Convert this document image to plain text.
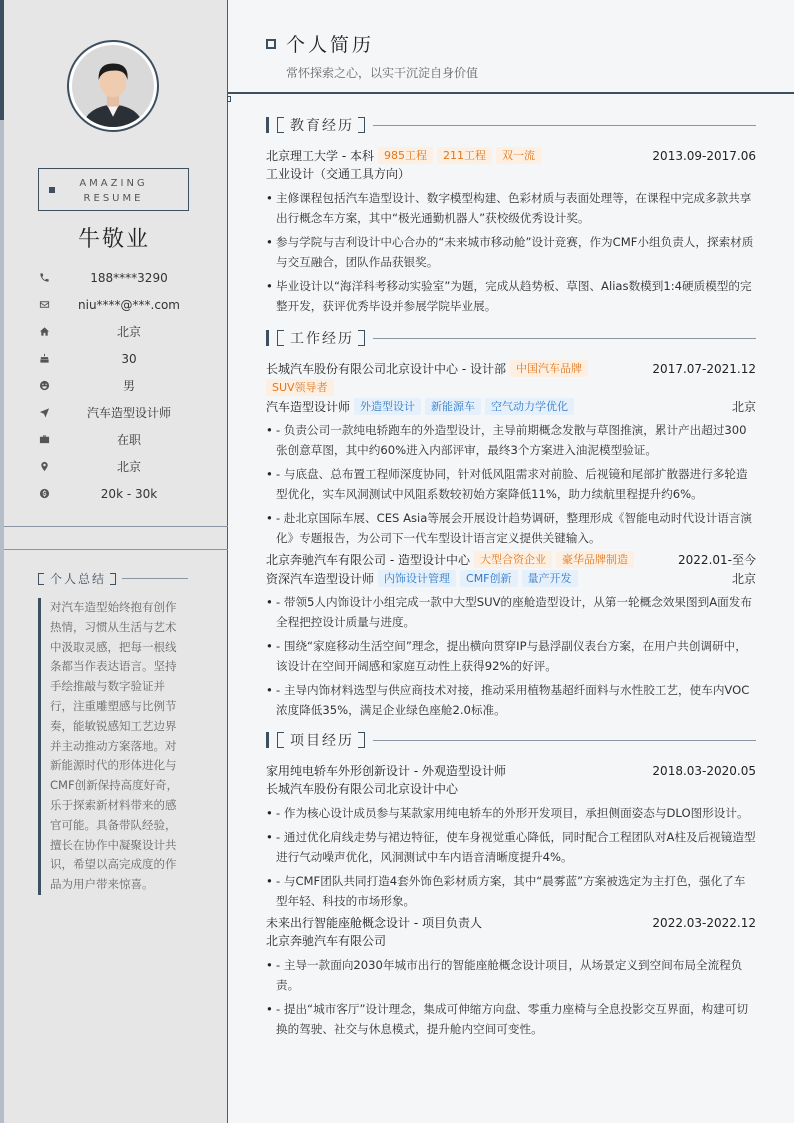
AMAZING
RESUME
牛敬业
188****3290
niu****@***.com
北京
30
男
汽车造型设计师
在职
北京
20k - 30k
个人总结
对汽车造型始终抱有创作热情，习惯从生活与艺术中汲取灵感，把每一根线条都当作表达语言。坚持手绘推敲与数字验证并行，注重雕塑感与比例节奏，能敏锐感知工艺边界并主动推动方案落地。对新能源时代的形体进化与CMF创新保持高度好奇，乐于探索新材料带来的感官可能。具备带队经验，擅长在协作中凝聚设计共识，希望以高完成度的作品为用户带来惊喜。
个人简历
常怀探索之心，以实干沉淀自身价值
教育经历
北京理工大学 - 本科 985工程	211工程	双一流	2013.09-2017.06
工业设计（交通工具方向）
• 主修课程包括汽车造型设计、数字模型构建、色彩材质与表面处理等，在课程中完成多款共享出行概念车方案，其中“极光通勤机器人”获校级优秀设计奖。
• 参与学院与吉利设计中心合办的“未来城市移动舱”设计竞赛，作为CMF小组负责人，探索材质与交互融合，团队作品获银奖。
• 毕业设计以“海洋科考移动实验室”为题，完成从趋势板、草图、Alias数模到1:4硬质模型的完整开发，获评优秀毕设并参展学院毕业展。
工作经历
长城汽车股份有限公司北京设计中心 - 设计部 中国汽车品牌	2017.07-2021.12
SUV领导者
汽车造型设计师 外造型设计	新能源车	空气动力学优化	北京
• - 负责公司一款纯电轿跑车的外造型设计，主导前期概念发散与草图推演，累计产出超过300张创意草图，其中约60%进入内部评审，最终3个方案进入油泥模型验证。
• - 与底盘、总布置工程师深度协同，针对低风阻需求对前脸、后视镜和尾部扩散器进行多轮造型优化，实车风洞测试中风阻系数较初始方案降低11%，助力续航里程提升约6%。
• - 赴北京国际车展、CES Asia等展会开展设计趋势调研，整理形成《智能电动时代设计语言演化》专题报告，为公司下一代车型设计语言定义提供关键输入。
北京奔驰汽车有限公司 - 造型设计中心 大型合资企业	豪华品牌制造	2022.01-至今
资深汽车造型设计师 内饰设计管理	CMF创新	量产开发	北京
• - 带领5人内饰设计小组完成一款中大型SUV的座舱造型设计，从第一轮概念效果图到A面发布全程把控设计质量与进度。
• - 围绕“家庭移动生活空间”理念，提出横向贯穿IP与悬浮副仪表台方案，在用户共创调研中，该设计在空间开阔感和家庭互动性上获得92%的好评。
• - 主导内饰材料选型与供应商技术对接，推动采用植物基超纤面料与水性胶工艺，使车内VOC浓度降低35%，满足企业绿色座舱2.0标准。
项目经历
家用纯电轿车外形创新设计 - 外观造型设计师	2018.03-2020.05
长城汽车股份有限公司北京设计中心
• - 作为核心设计成员参与某款家用纯电轿车的外形开发项目，承担侧面姿态与DLO图形设计。
• - 通过优化肩线走势与裙边特征，使车身视觉重心降低，同时配合工程团队对A柱及后视镜造型进行气动噪声优化，风洞测试中车内语音清晰度提升4%。
• - 与CMF团队共同打造4套外饰色彩材质方案，其中“晨雾蓝”方案被选定为主打色，强化了车型年轻、科技的市场形象。
未来出行智能座舱概念设计 - 项目负责人	2022.03-2022.12
北京奔驰汽车有限公司
• - 主导一款面向2030年城市出行的智能座舱概念设计项目，从场景定义到空间布局全流程负责。
• - 提出“城市客厅”设计理念，集成可伸缩方向盘、零重力座椅与全息投影交互界面，构建可切换的驾驶、社交与休息模式，提升舱内空间可变性。
